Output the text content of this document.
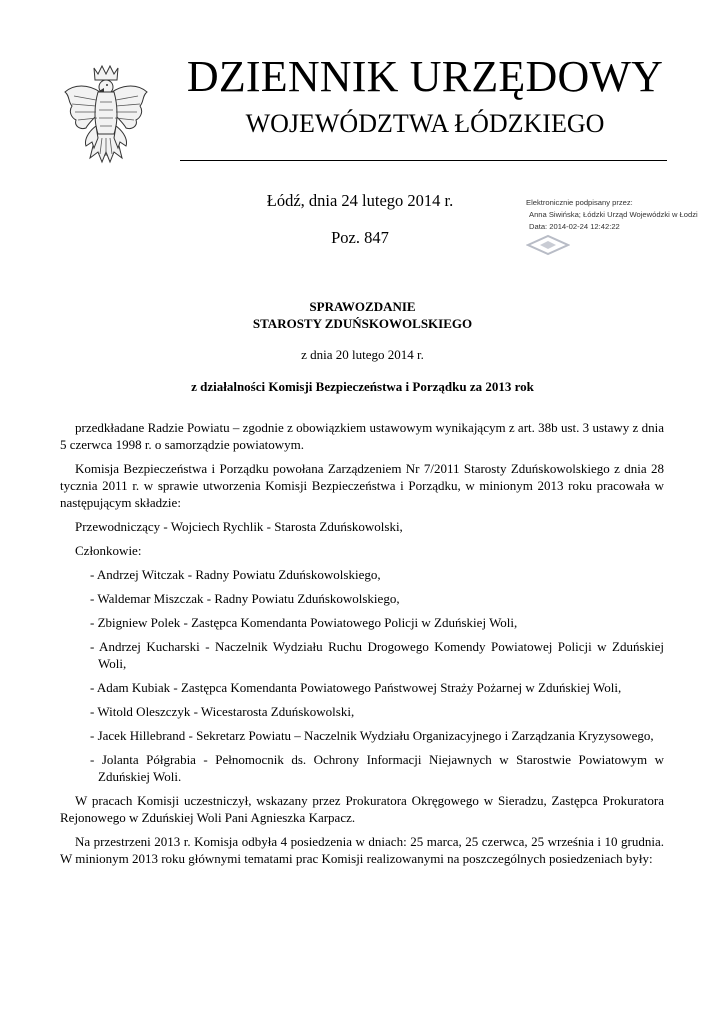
DZIENNIK URZĘDOWY
WOJEWÓDZTWA ŁÓDZKIEGO
Łódź, dnia 24 lutego 2014 r.
Poz. 847
Elektronicznie podpisany przez:
Anna Siwińska; Łódzki Urząd Wojewódzki w Łodzi
Data: 2014-02-24 12:42:22
SPRAWOZDANIE
STAROSTY ZDUŃSKOWOLSKIEGO
z dnia 20 lutego 2014 r.
z działalności Komisji Bezpieczeństwa i Porządku za 2013 rok

przedkładane Radzie Powiatu – zgodnie z obowiązkiem ustawowym wynikającym z art. 38b ust. 3 ustawy z dnia 5 czerwca 1998 r. o samorządzie powiatowym.

Komisja Bezpieczeństwa i Porządku powołana Zarządzeniem Nr 7/2011 Starosty Zduńskowolskiego z dnia 28 tycznia 2011 r. w sprawie utworzenia Komisji Bezpieczeństwa i Porządku, w minionym 2013 roku pracowała w następującym składzie:

Przewodniczący - Wojciech Rychlik - Starosta Zduńskowolski,

Członkowie:

- Andrzej Witczak - Radny Powiatu Zduńskowolskiego,
- Waldemar Miszczak - Radny Powiatu Zduńskowolskiego,
- Zbigniew Polek - Zastępca Komendanta Powiatowego Policji w Zduńskiej Woli,
- Andrzej Kucharski - Naczelnik Wydziału Ruchu Drogowego Komendy Powiatowej Policji w Zduńskiej Woli,
- Adam Kubiak - Zastępca Komendanta Powiatowego Państwowej Straży Pożarnej w Zduńskiej Woli,
- Witold Oleszczyk - Wicestarosta Zduńskowolski,
- Jacek Hillebrand - Sekretarz Powiatu – Naczelnik Wydziału Organizacyjnego i Zarządzania Kryzysowego,
- Jolanta Półgrabia - Pełnomocnik ds. Ochrony Informacji Niejawnych w Starostwie Powiatowym w Zduńskiej Woli.

W pracach Komisji uczestniczył, wskazany przez Prokuratora Okręgowego w Sieradzu, Zastępca Prokuratora Rejonowego w Zduńskiej Woli Pani Agnieszka Karpacz.

Na przestrzeni 2013 r. Komisja odbyła 4 posiedzenia w dniach: 25 marca, 25 czerwca, 25 września i 10 grudnia. W minionym 2013 roku głównymi tematami prac Komisji realizowanymi na poszczególnych posiedzeniach były:
